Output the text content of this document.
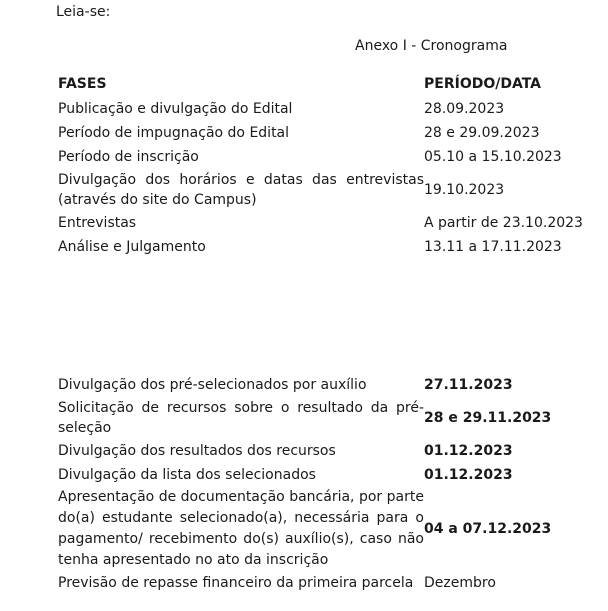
Leia-se:
Anexo I - Cronograma
FASES	PERÍODO/DATA
Publicação e divulgação do Edital	28.09.2023
Período de impugnação do Edital	28 e 29.09.2023
Período de inscrição	05.10 a 15.10.2023
Divulgação dos horários e datas das entrevistas (através do site do Campus)	19.10.2023
Entrevistas	A partir de 23.10.2023
Análise e Julgamento	13.11 a 17.11.2023
Divulgação dos pré-selecionados por auxílio	27.11.2023
Solicitação de recursos sobre o resultado da pré-seleção	28 e 29.11.2023
Divulgação dos resultados dos recursos	01.12.2023
Divulgação da lista dos selecionados	01.12.2023
Apresentação de documentação bancária, por parte do(a) estudante selecionado(a), necessária para o pagamento/ recebimento do(s) auxílio(s), caso não tenha apresentado no ato da inscrição	04 a 07.12.2023
Previsão de repasse financeiro da primeira parcela	Dezembro
